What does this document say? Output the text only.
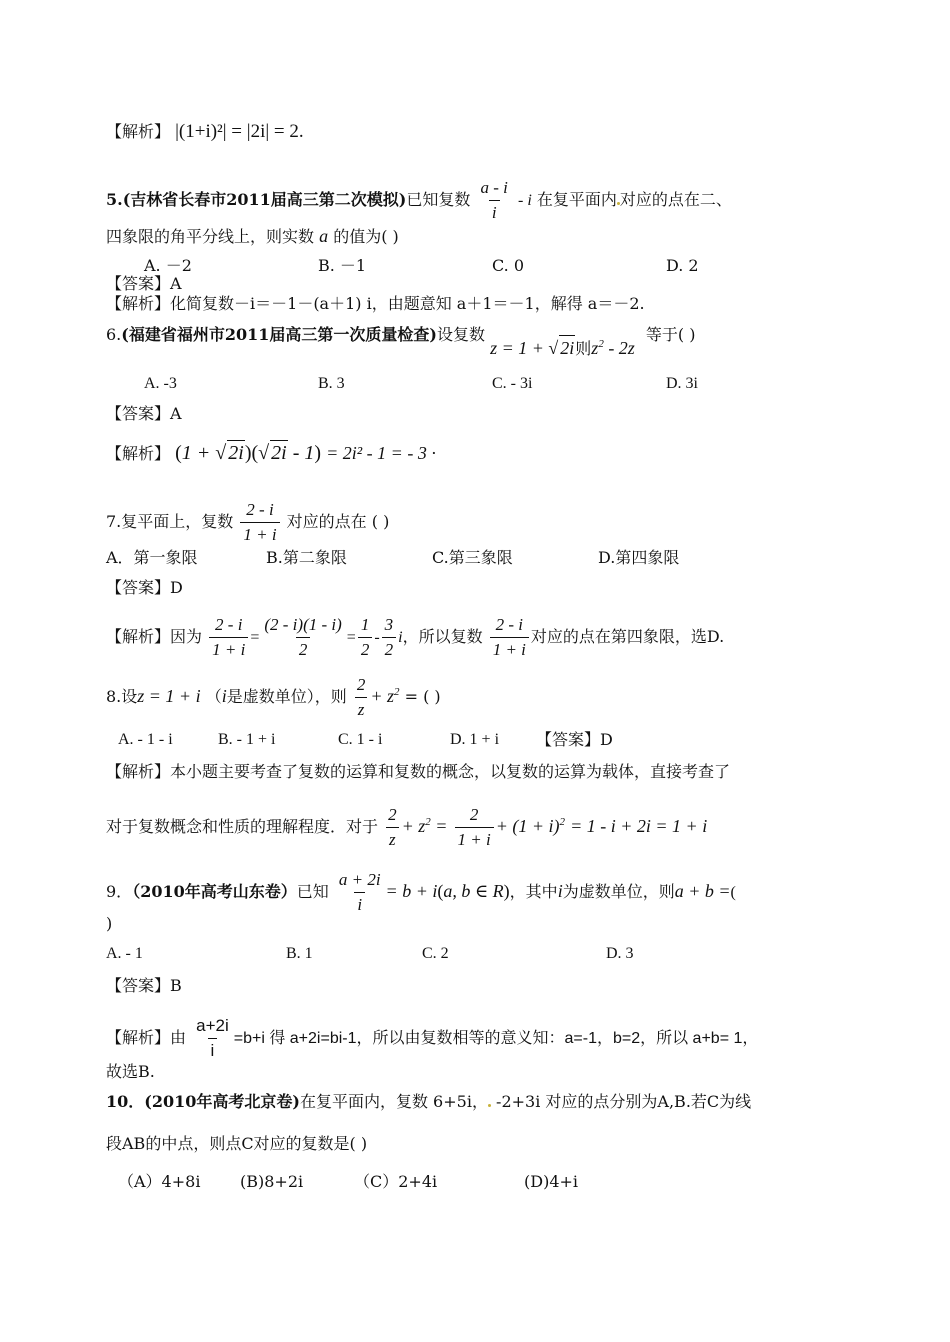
【解析】 |(1+i)²| = |2i| = 2.
5.(吉林省长春市2011届高三第二次模拟)已知复数 $\frac{a - i}{i}$ - i 在复平面内 对应的点在二、
四象限的角平分线上，则实数 a 的值为( )
A. －2	B. －1	C. 0	D. 2
【答案】A
【解析】化简复数－i＝－1－(a＋1) i，由题意知 a＋1＝－1，解得 a＝－2.
6.(福建省福州市2011届高三第一次质量检查)设复数 z = 1 + √ 2i则$z^2 - 2z$ 等于( )
A. -3	B. 3	C. - 3i	D. 3i
【答案】A
【解析】 (1 + √ 2i)(√ 2i - 1) = 2i² - 1 = - 3 ·
7.复平面上，复数 $\frac{2 - i}{1 + i}$ 对应的点在 ( )
A．第一象限	B.第二象限	C.第三象限	D.第四象限
【答案】D
【解析】因为 $\frac{2 - i}{1 + i} = \frac{(2 - i)(1 - i)}{2} = \frac{1}{2} - \frac{3}{2}$ i，所以复数 $\frac{2 - i}{1 + i}$ 对应的点在第四象限，选D.
8.设z = 1 + i （i是虚数单位），则 $\frac{2}{z} + z^2$ = ( )
A. - 1 - i	B. - 1 + i	C. 1 - i	D. 1 + i 【答案】D
【解析】本小题主要考查了复数的运算和复数的概念，以复数的运算为载体，直接考查了
对于复数概念和性质的理解程度．对于 $\frac{2}{z} + z^2 = \frac{2}{1 + i} + (1 + i)^2 = 1 - i + 2i = 1 + i$
9．（2010年高考山东卷）已知 $\frac{a + 2i}{i} = b + i(a$, b ∈ R)，其中i为虚数单位，则a + b =(
)
A. - 1	B. 1	C. 2	D. 3
【答案】B
【解析】由 $\frac{a+2i}{i} =b+i$ 得 a+2i=bi-1，所以由复数相等的意义知：a=-1，b=2，所以 a+b= 1，
故选B.
10．(2010年高考北京卷)在复平面内，复数 6+5i， -2+3i 对应的点分别为A,B.若C为线
段AB的中点，则点C对应的复数是( )
（A）4+8i (B)8+2i	（C）2+4i	(D)4+i
